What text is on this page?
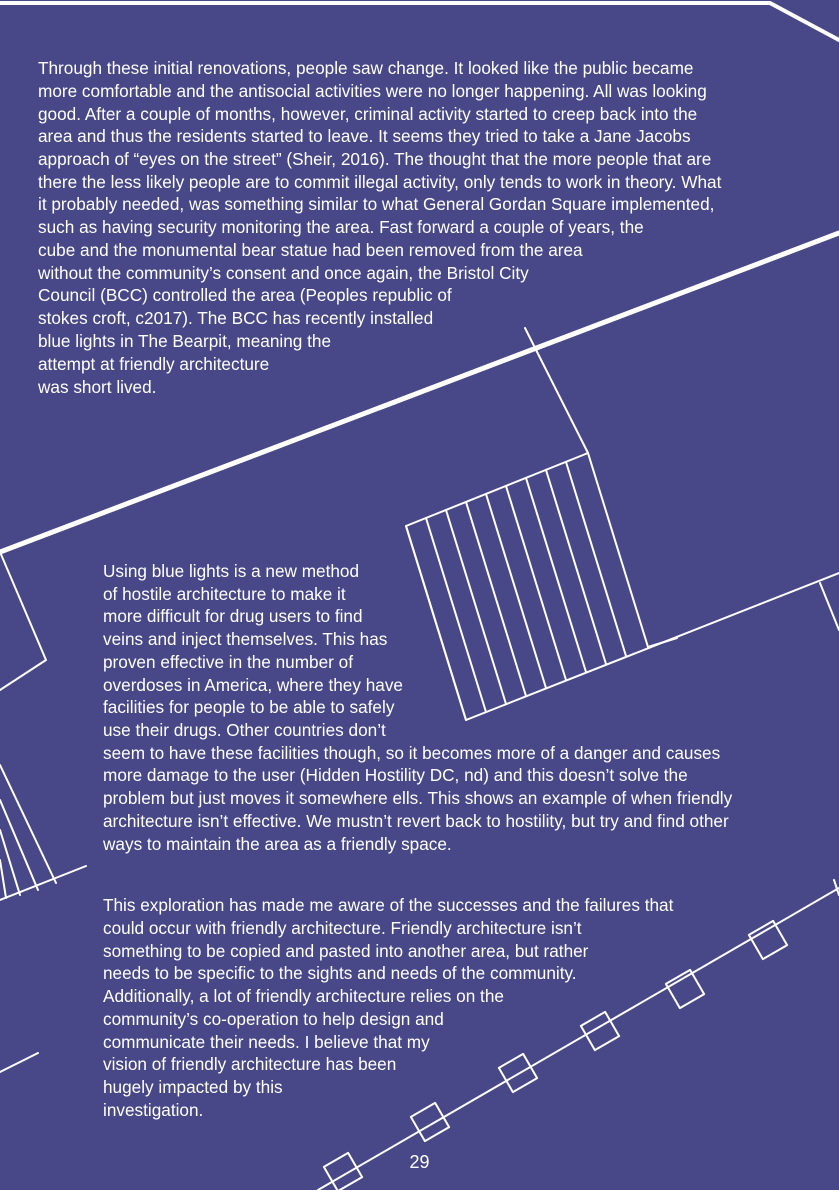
Through these initial renovations, people saw change. It looked like the public became

more comfortable and the antisocial activities were no longer happening. All was looking

good. After a couple of months, however, criminal activity started to creep back into the

area and thus the residents started to leave. It seems they tried to take a Jane Jacobs

approach of “eyes on the street” (Sheir, 2016). The thought that the more people that are

there the less likely people are to commit illegal activity, only tends to work in theory. What

it probably needed, was something similar to what General Gordan Square implemented,

such as having security monitoring the area. Fast forward a couple of years, the

cube and the monumental bear statue had been removed from the area

without the community’s consent and once again, the Bristol City

Council (BCC) controlled the area (Peoples republic of

stokes croft, c2017). The BCC has recently installed

blue lights in The Bearpit, meaning the

attempt at friendly architecture

was short lived.

Using blue lights is a new method

of hostile architecture to make it

more difficult for drug users to find

veins and inject themselves. This has

proven effective in the number of

overdoses in America, where they have

facilities for people to be able to safely

use their drugs. Other countries don’t

seem to have these facilities though, so it becomes more of a danger and causes

more damage to the user (Hidden Hostility DC, nd) and this doesn’t solve the

problem but just moves it somewhere ells. This shows an example of when friendly

architecture isn’t effective. We mustn’t revert back to hostility, but try and find other

ways to maintain the area as a friendly space.

This exploration has made me aware of the successes and the failures that

could occur with friendly architecture. Friendly architecture isn’t

something to be copied and pasted into another area, but rather

needs to be specific to the sights and needs of the community.

Additionally, a lot of friendly architecture relies on the

community’s co-operation to help design and

communicate their needs. I believe that my

vision of friendly architecture has been

hugely impacted by this

investigation.

29
